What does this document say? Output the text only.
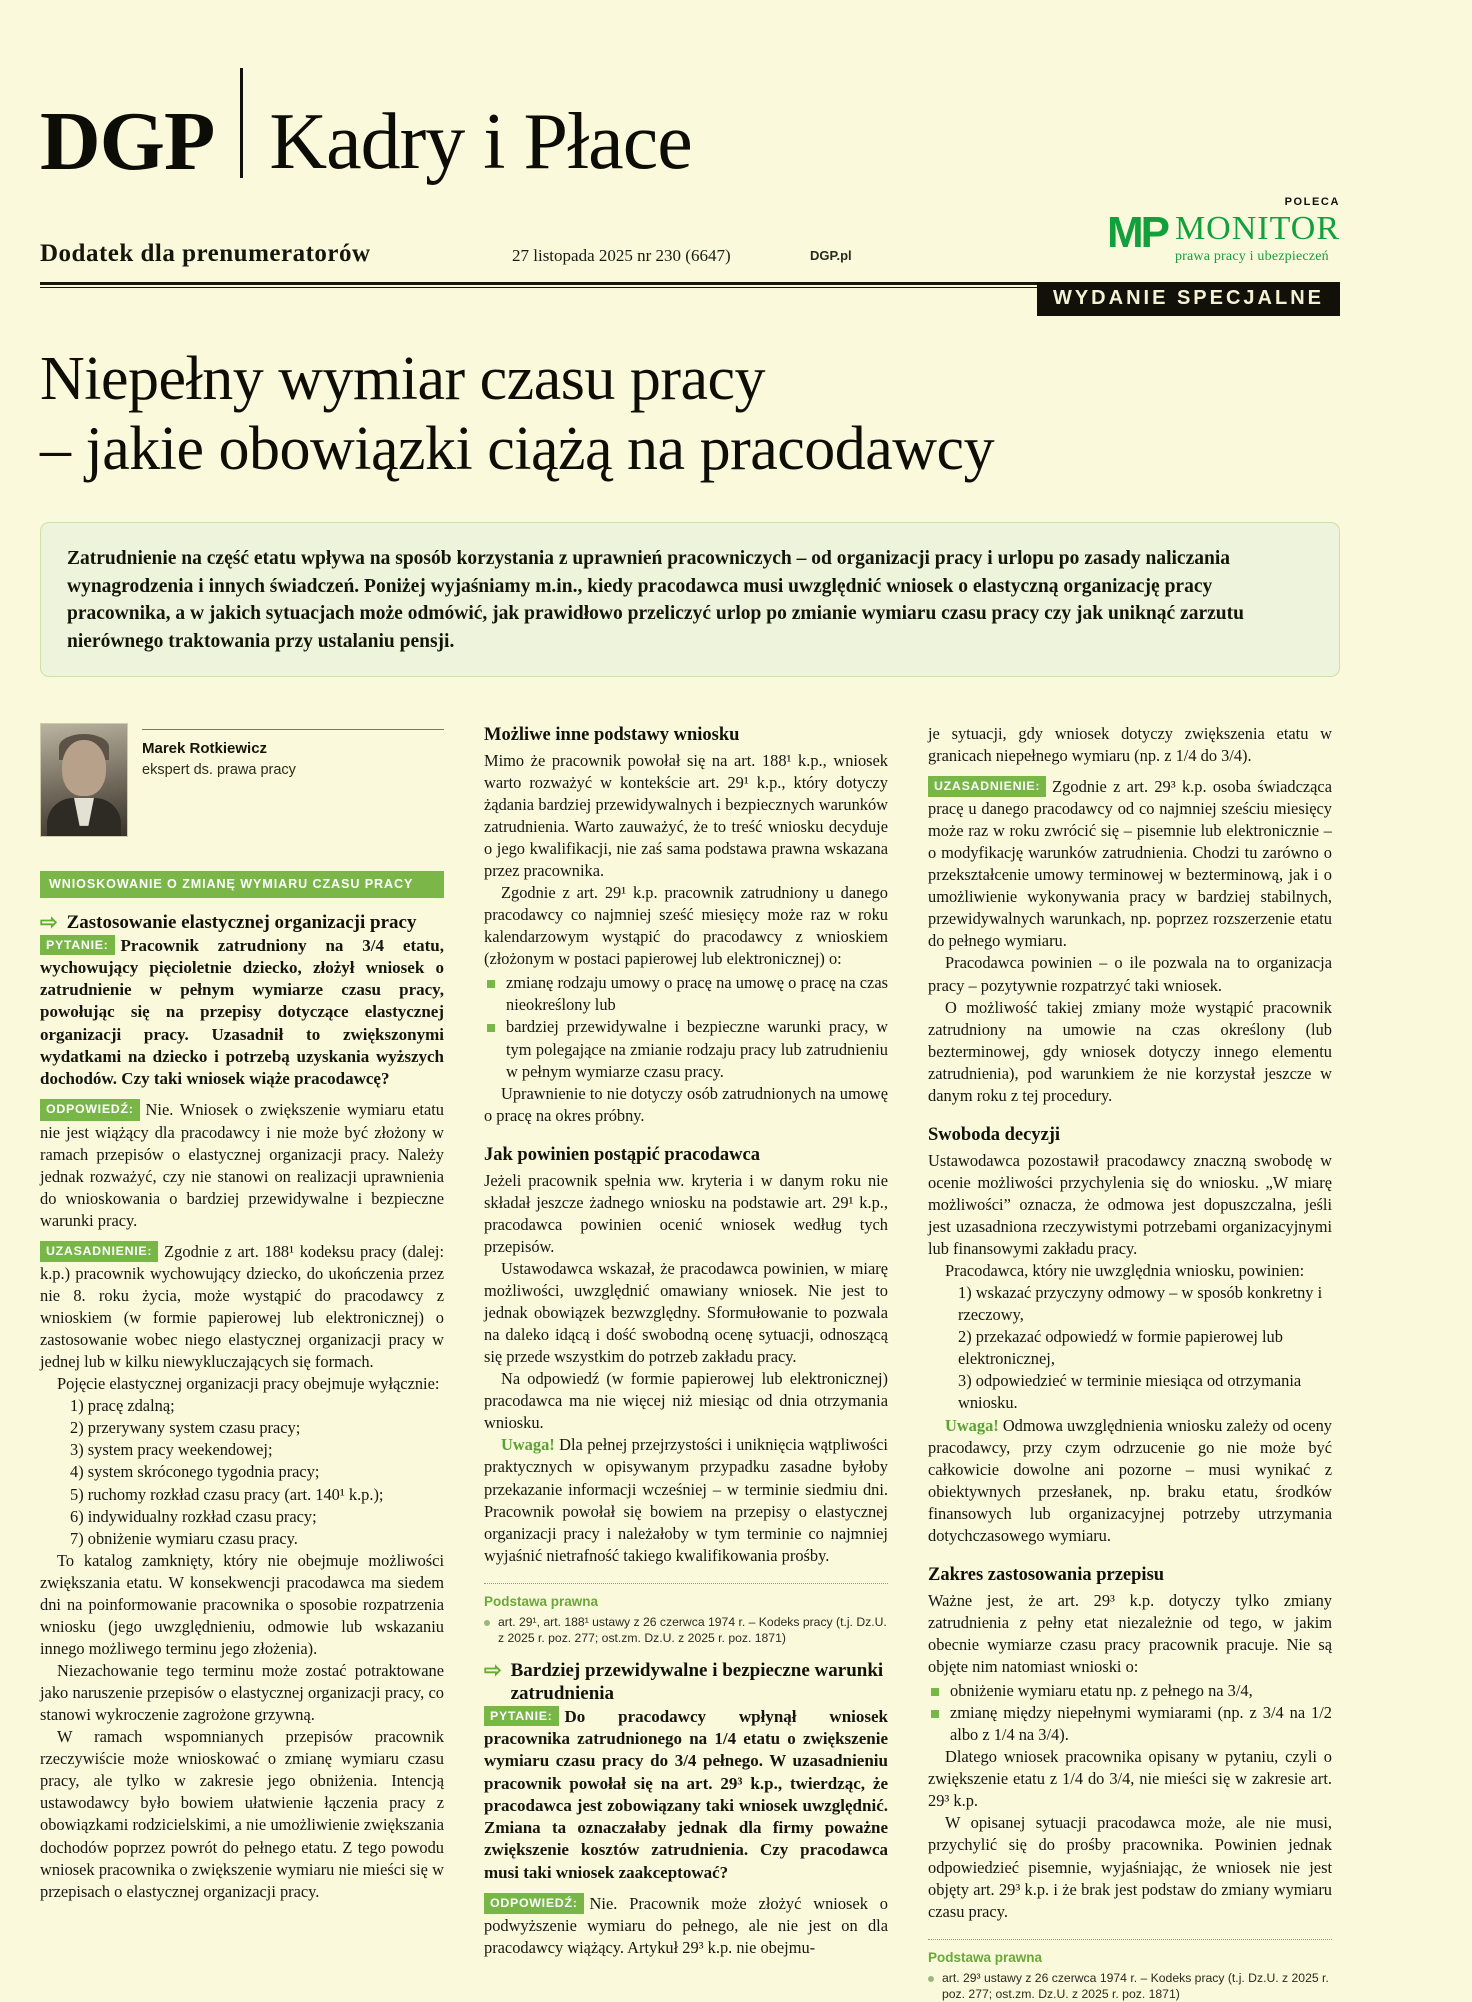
DGP Kadry i Płace
Dodatek dla prenumeratorów	27 listopada 2025 nr 230 (6647)	DGP.pl
POLECA
MP MONITOR
prawa pracy i ubezpieczeń
WYDANIE SPECJALNE
Niepełny wymiar czasu pracy
– jakie obowiązki ciążą na pracodawcy
Zatrudnienie na część etatu wpływa na sposób korzystania z uprawnień pracowniczych – od organizacji pracy i urlopu po zasady naliczania wynagrodzenia i innych świadczeń. Poniżej wyjaśniamy m.in., kiedy pracodawca musi uwzględnić wniosek o elastyczną organizację pracy pracownika, a w jakich sytuacjach może odmówić, jak prawidłowo przeliczyć urlop po zmianie wymiaru czasu pracy czy jak uniknąć zarzutu nierównego traktowania przy ustalaniu pensji.
Marek Rotkiewicz
ekspert ds. prawa pracy
WNIOSKOWANIE O ZMIANĘ WYMIARU CZASU PRACY
⇨ Zastosowanie elastycznej organizacji pracy

PYTANIE: Pracownik zatrudniony na 3/4 etatu, wychowujący pięcioletnie dziecko, złożył wniosek o zatrudnienie w pełnym wymiarze czasu pracy, powołując się na przepisy dotyczące elastycznej organizacji pracy. Uzasadnił to zwiększonymi wydatkami na dziecko i potrzebą uzyskania wyższych dochodów. Czy taki wniosek wiąże pracodawcę?

ODPOWIEDŹ: Nie. Wniosek o zwiększenie wymiaru etatu nie jest wiążący dla pracodawcy i nie może być złożony w ramach przepisów o elastycznej organizacji pracy. Należy jednak rozważyć, czy nie stanowi on realizacji uprawnienia do wnioskowania o bardziej przewidywalne i bezpieczne warunki pracy.

UZASADNIENIE: Zgodnie z art. 188¹ kodeksu pracy (dalej: k.p.) pracownik wychowujący dziecko, do ukończenia przez nie 8. roku życia, może wystąpić do pracodawcy z wnioskiem (w formie papierowej lub elektronicznej) o zastosowanie wobec niego elastycznej organizacji pracy w jednej lub w kilku niewykluczających się formach.

Pojęcie elastycznej organizacji pracy obejmuje wyłącznie:

1) pracę zdalną;
2) przerywany system czasu pracy;
3) system pracy weekendowej;
4) system skróconego tygodnia pracy;
5) ruchomy rozkład czasu pracy (art. 140¹ k.p.);
6) indywidualny rozkład czasu pracy;
7) obniżenie wymiaru czasu pracy.

To katalog zamknięty, który nie obejmuje możliwości zwiększania etatu. W konsekwencji pracodawca ma siedem dni na poinformowanie pracownika o sposobie rozpatrzenia wniosku (jego uwzględnieniu, odmowie lub wskazaniu innego możliwego terminu jego złożenia).

Niezachowanie tego terminu może zostać potraktowane jako naruszenie przepisów o elastycznej organizacji pracy, co stanowi wykroczenie zagrożone grzywną.

W ramach wspomnianych przepisów pracownik rzeczywiście może wnioskować o zmianę wymiaru czasu pracy, ale tylko w zakresie jego obniżenia. Intencją ustawodawcy było bowiem ułatwienie łączenia pracy z obowiązkami rodzicielskimi, a nie umożliwienie zwiększania dochodów poprzez powrót do pełnego etatu. Z tego powodu wniosek pracownika o zwiększenie wymiaru nie mieści się w przepisach o elastycznej organizacji pracy.

Możliwe inne podstawy wniosku

Mimo że pracownik powołał się na art. 188¹ k.p., wniosek warto rozważyć w kontekście art. 29¹ k.p., który dotyczy żądania bardziej przewidywalnych i bezpiecznych warunków zatrudnienia. Warto zauważyć, że to treść wniosku decyduje o jego kwalifikacji, nie zaś sama podstawa prawna wskazana przez pracownika.

Zgodnie z art. 29¹ k.p. pracownik zatrudniony u danego pracodawcy co najmniej sześć miesięcy może raz w roku kalendarzowym wystąpić do pracodawcy z wnioskiem (złożonym w postaci papierowej lub elektronicznej) o:

zmianę rodzaju umowy o pracę na umowę o pracę na czas nieokreślony lub
bardziej przewidywalne i bezpieczne warunki pracy, w tym polegające na zmianie rodzaju pracy lub zatrudnieniu w pełnym wymiarze czasu pracy.

Uprawnienie to nie dotyczy osób zatrudnionych na umowę o pracę na okres próbny.

Jak powinien postąpić pracodawca

Jeżeli pracownik spełnia ww. kryteria i w danym roku nie składał jeszcze żadnego wniosku na podstawie art. 29¹ k.p., pracodawca powinien ocenić wniosek według tych przepisów.

Ustawodawca wskazał, że pracodawca powinien, w miarę możliwości, uwzględnić omawiany wniosek. Nie jest to jednak obowiązek bezwzględny. Sformułowanie to pozwala na daleko idącą i dość swobodną ocenę sytuacji, odnoszącą się przede wszystkim do potrzeb zakładu pracy.

Na odpowiedź (w formie papierowej lub elektronicznej) pracodawca ma nie więcej niż miesiąc od dnia otrzymania wniosku.

Uwaga! Dla pełnej przejrzystości i uniknięcia wątpliwości praktycznych w opisywanym przypadku zasadne byłoby przekazanie informacji wcześniej – w terminie siedmiu dni. Pracownik powołał się bowiem na przepisy o elastycznej organizacji pracy i należałoby w tym terminie co najmniej wyjaśnić nietrafność takiego kwalifikowania prośby.

Podstawa prawna
art. 29¹, art. 188¹ ustawy z 26 czerwca 1974 r. – Kodeks pracy (t.j. Dz.U. z 2025 r. poz. 277; ost.zm. Dz.U. z 2025 r. poz. 1871)
⇨ Bardziej przewidywalne i bezpieczne warunki zatrudnienia

PYTANIE: Do pracodawcy wpłynął wniosek pracownika zatrudnionego na 1/4 etatu o zwiększenie wymiaru czasu pracy do 3/4 pełnego. W uzasadnieniu pracownik powołał się na art. 29³ k.p., twierdząc, że pracodawca jest zobowiązany taki wniosek uwzględnić. Zmiana ta oznaczałaby jednak dla firmy poważne zwiększenie kosztów zatrudnienia. Czy pracodawca musi taki wniosek zaakceptować?

ODPOWIEDŹ: Nie. Pracownik może złożyć wniosek o podwyższenie wymiaru do pełnego, ale nie jest on dla pracodawcy wiążący. Artykuł 29³ k.p. nie obejmu-

je sytuacji, gdy wniosek dotyczy zwiększenia etatu w granicach niepełnego wymiaru (np. z 1/4 do 3/4).

UZASADNIENIE: Zgodnie z art. 29³ k.p. osoba świadcząca pracę u danego pracodawcy od co najmniej sześciu miesięcy może raz w roku zwrócić się – pisemnie lub elektronicznie – o modyfikację warunków zatrudnienia. Chodzi tu zarówno o przekształcenie umowy terminowej w bezterminową, jak i o umożliwienie wykonywania pracy w bardziej stabilnych, przewidywalnych warunkach, np. poprzez rozszerzenie etatu do pełnego wymiaru.

Pracodawca powinien – o ile pozwala na to organizacja pracy – pozytywnie rozpatrzyć taki wniosek.

O możliwość takiej zmiany może wystąpić pracownik zatrudniony na umowie na czas określony (lub bezterminowej, gdy wniosek dotyczy innego elementu zatrudnienia), pod warunkiem że nie korzystał jeszcze w danym roku z tej procedury.

Swoboda decyzji

Ustawodawca pozostawił pracodawcy znaczną swobodę w ocenie możliwości przychylenia się do wniosku. „W miarę możliwości” oznacza, że odmowa jest dopuszczalna, jeśli jest uzasadniona rzeczywistymi potrzebami organizacyjnymi lub finansowymi zakładu pracy.

Pracodawca, który nie uwzględnia wniosku, powinien:

1) wskazać przyczyny odmowy – w sposób konkretny i rzeczowy,
2) przekazać odpowiedź w formie papierowej lub elektronicznej,
3) odpowiedzieć w terminie miesiąca od otrzymania wniosku.

Uwaga! Odmowa uwzględnienia wniosku zależy od oceny pracodawcy, przy czym odrzucenie go nie może być całkowicie dowolne ani pozorne – musi wynikać z obiektywnych przesłanek, np. braku etatu, środków finansowych lub organizacyjnej potrzeby utrzymania dotychczasowego wymiaru.

Zakres zastosowania przepisu

Ważne jest, że art. 29³ k.p. dotyczy tylko zmiany zatrudnienia z pełny etat niezależnie od tego, w jakim obecnie wymiarze czasu pracy pracownik pracuje. Nie są objęte nim natomiast wnioski o:

obniżenie wymiaru etatu np. z pełnego na 3/4,
zmianę między niepełnymi wymiarami (np. z 3/4 na 1/2 albo z 1/4 na 3/4).

Dlatego wniosek pracownika opisany w pytaniu, czyli o zwiększenie etatu z 1/4 do 3/4, nie mieści się w zakresie art. 29³ k.p.

W opisanej sytuacji pracodawca może, ale nie musi, przychylić się do prośby pracownika. Powinien jednak odpowiedzieć pisemnie, wyjaśniając, że wniosek nie jest objęty art. 29³ k.p. i że brak jest podstaw do zmiany wymiaru czasu pracy.

Podstawa prawna
art. 29³ ustawy z 26 czerwca 1974 r. – Kodeks pracy (t.j. Dz.U. z 2025 r. poz. 277; ost.zm. Dz.U. z 2025 r. poz. 1871)
